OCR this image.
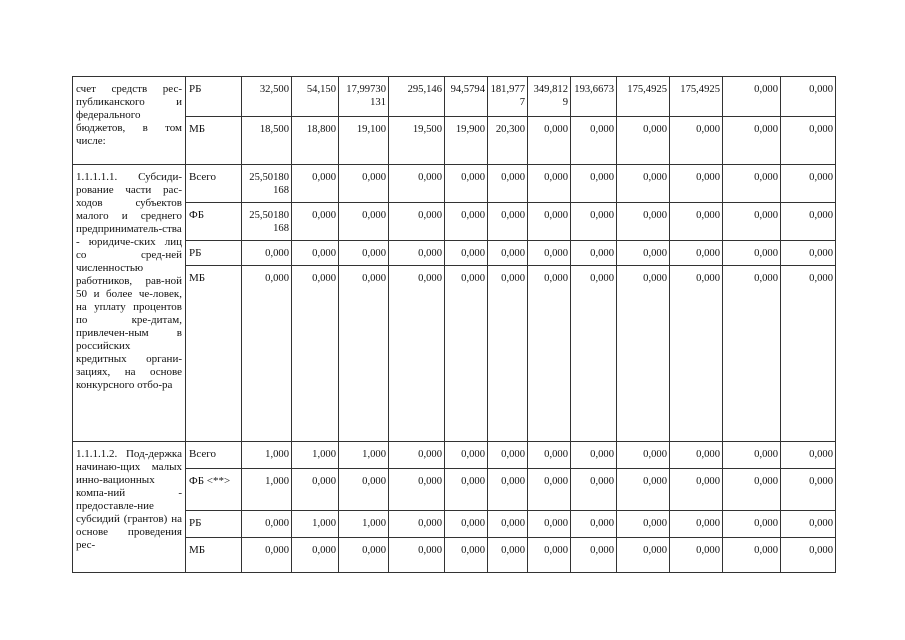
счет средств рес-публиканского и федерального бюджетов, в том числе:	РБ	32,500	54,150	17,99730131	295,146	94,5794	181,9777	349,8129	193,6673	175,4925	175,4925	0,000	0,000
	МБ	18,500	18,800	19,100	19,500	19,900	20,300	0,000	0,000	0,000	0,000	0,000	0,000
1.1.1.1.1. Субсиди-рование части рас-ходов субъектов малого и среднего предприниматель-ства - юридиче-ских лиц со сред-ней численностью работников, рав-ной 50 и более че-ловек, на уплату процентов по кре-дитам, привлечен-ным в российских кредитных органи-зациях, на основе конкурсного отбо-ра	Всего	25,50180168	0,000	0,000	0,000	0,000	0,000	0,000	0,000	0,000	0,000	0,000	0,000
	ФБ	25,50180168	0,000	0,000	0,000	0,000	0,000	0,000	0,000	0,000	0,000	0,000	0,000
	РБ	0,000	0,000	0,000	0,000	0,000	0,000	0,000	0,000	0,000	0,000	0,000	0,000
	МБ	0,000	0,000	0,000	0,000	0,000	0,000	0,000	0,000	0,000	0,000	0,000	0,000
1.1.1.1.2. Под-держка начинаю-щих малых инно-вационных компа-ний - предоставле-ние субсидий (грантов) на основе проведения рес-	Всего	1,000	1,000	1,000	0,000	0,000	0,000	0,000	0,000	0,000	0,000	0,000	0,000
	ФБ <**>	1,000	0,000	0,000	0,000	0,000	0,000	0,000	0,000	0,000	0,000	0,000	0,000
	РБ	0,000	1,000	1,000	0,000	0,000	0,000	0,000	0,000	0,000	0,000	0,000	0,000
	МБ	0,000	0,000	0,000	0,000	0,000	0,000	0,000	0,000	0,000	0,000	0,000	0,000
